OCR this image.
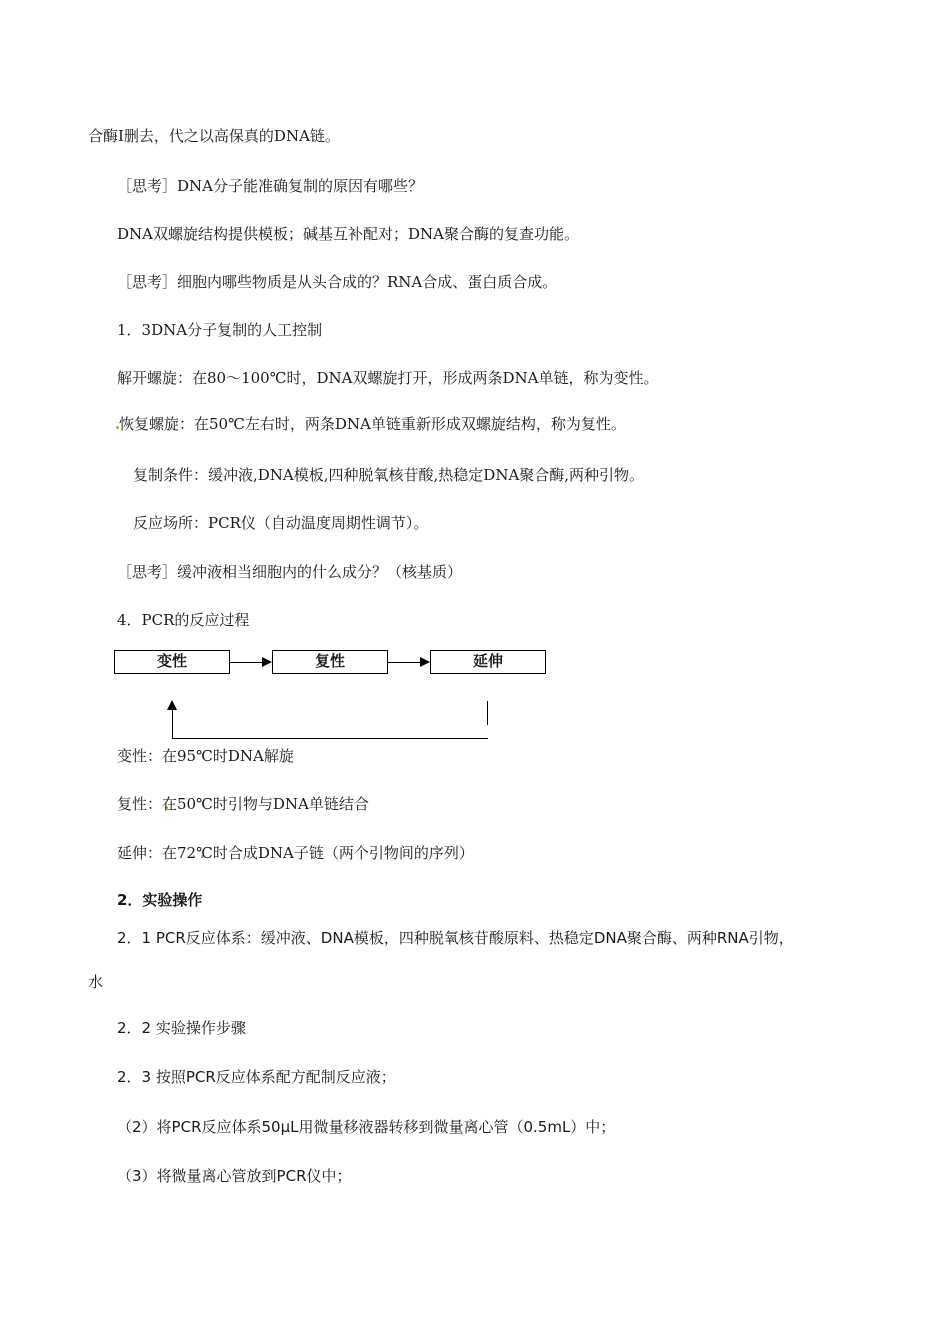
合酶Ⅰ删去，代之以高保真的DNA链。
［思考］DNA分子能准确复制的原因有哪些？
DNA双螺旋结构提供模板；碱基互补配对；DNA聚合酶的复查功能。
［思考］细胞内哪些物质是从头合成的？RNA合成、蛋白质合成。
1．3DNA分子复制的人工控制
解开螺旋：在80～100℃时，DNA双螺旋打开，形成两条DNA单链，称为变性。
恢复螺旋：在50℃左右时，两条DNA单链重新形成双螺旋结构，称为复性。
复制条件：缓冲液,DNA模板,四种脱氧核苷酸,热稳定DNA聚合酶,两种引物。
反应场所：PCR仪（自动温度周期性调节）。
［思考］缓冲液相当细胞内的什么成分？（核基质）
4．PCR的反应过程
变性	复性	延伸
变性：在95℃时DNA解旋
复性：在50℃时引物与DNA单链结合
延伸：在72℃时合成DNA子链（两个引物间的序列）
2．实验操作
2．1 PCR反应体系：缓冲液、DNA模板，四种脱氧核苷酸原料、热稳定DNA聚合酶、两种RNA引物，
水
2．2 实验操作步骤
2．3 按照PCR反应体系配方配制反应液；
（2）将PCR反应体系50μL用微量移液器转移到微量离心管（0.5mL）中；
（3）将微量离心管放到PCR仪中；
